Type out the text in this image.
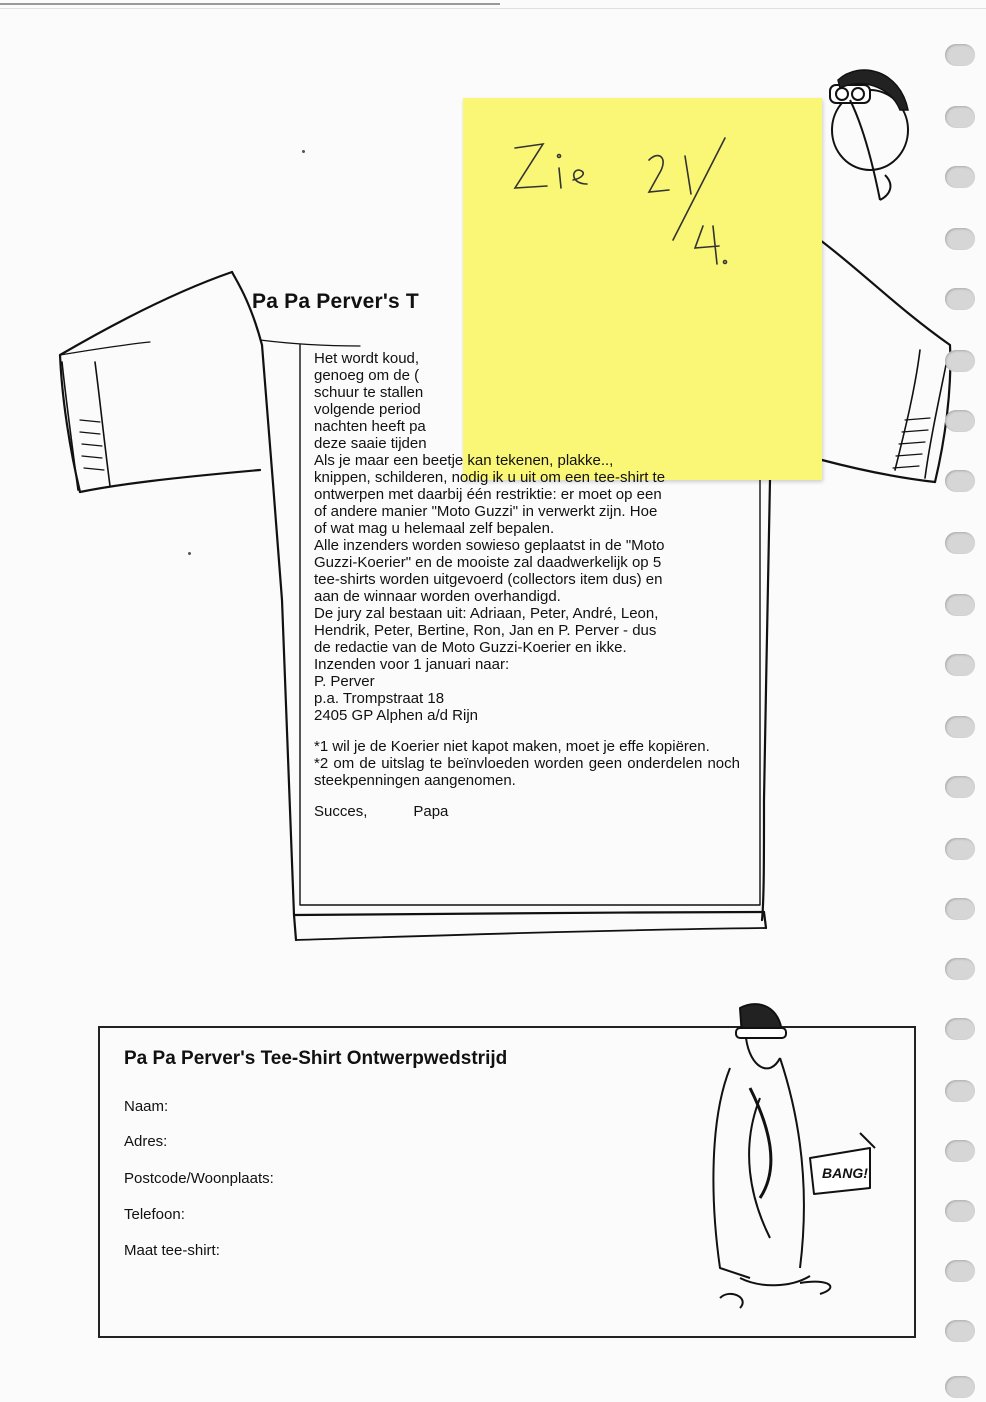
Pa Pa Perver's T

Het wordt koud,

genoeg om de (

schuur te stallen

volgende period

nachten heeft pa

deze saaie tijden

Als je maar een beetje kan tekenen, plakke..,

knippen, schilderen, nodig ik u uit om een tee-shirt te

ontwerpen met daarbij één restriktie: er moet op een

of andere manier "Moto Guzzi" in verwerkt zijn. Hoe

of wat mag u helemaal zelf bepalen.

Alle inzenders worden sowieso geplaatst in de "Moto

Guzzi-Koerier" en de mooiste zal daadwerkelijk op 5

tee-shirts worden uitgevoerd (collectors item dus) en

aan de winnaar worden overhandigd.

De jury zal bestaan uit: Adriaan, Peter, André, Leon,

Hendrik, Peter, Bertine, Ron, Jan en P. Perver - dus

de redactie van de Moto Guzzi-Koerier en ikke.

Inzenden voor 1 januari naar:

P. Perver

p.a. Trompstraat 18

2405 GP Alphen a/d Rijn

*1 wil je de Koerier niet kapot maken, moet je effe kopiëren.

*2 om de uitslag te beïnvloeden worden geen onderdelen noch steekpenningen aangenomen.

Succes,	Papa
Pa Pa Perver's Tee-Shirt Ontwerpwedstrijd
Naam:
Adres:
Postcode/Woonplaats:
Telefoon:
Maat tee-shirt:
BANG!
